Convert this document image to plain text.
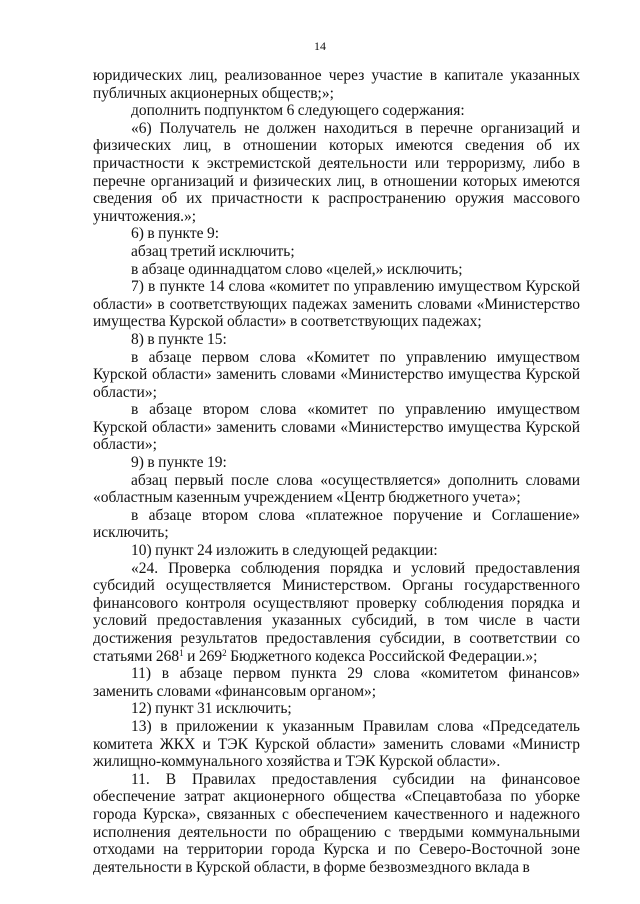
14

юридических лиц, реализованное через участие в капитале указанных публичных акционерных обществ;»;

дополнить подпунктом 6 следующего содержания:

«6) Получатель не должен находиться в перечне организаций и физических лиц, в отношении которых имеются сведения об их причастности к экстремистской деятельности или терроризму, либо в перечне организаций и физических лиц, в отношении которых имеются сведения об их причастности к распространению оружия массового уничтожения.»;

6) в пункте 9:

абзац третий исключить;

в абзаце одиннадцатом слово «целей,» исключить;

7) в пункте 14 слова «комитет по управлению имуществом Курской области» в соответствующих падежах заменить словами «Министерство имущества Курской области» в соответствующих падежах;

8) в пункте 15:

в абзаце первом слова «Комитет по управлению имуществом Курской области» заменить словами «Министерство имущества Курской области»;

в абзаце втором слова «комитет по управлению имуществом Курской области» заменить словами «Министерство имущества Курской области»;

9) в пункте 19:

абзац первый после слова «осуществляется» дополнить словами «областным казенным учреждением «Центр бюджетного учета»;

в абзаце втором слова «платежное поручение и Соглашение» исключить;

10) пункт 24 изложить в следующей редакции:

«24. Проверка соблюдения порядка и условий предоставления субсидий осуществляется Министерством. Органы государственного финансового контроля осуществляют проверку соблюдения порядка и условий предоставления указанных субсидий, в том числе в части достижения результатов предоставления субсидии, в соответствии со статьями $268^1$ и $269^2$ Бюджетного кодекса Российской Федерации.»;

11) в абзаце первом пункта 29 слова «комитетом финансов» заменить словами «финансовым органом»;

12) пункт 31 исключить;

13) в приложении к указанным Правилам слова «Председатель комитета ЖКХ и ТЭК Курской области» заменить словами «Министр жилищно-коммунального хозяйства и ТЭК Курской области».

11. В Правилах предоставления субсидии на финансовое обеспечение затрат акционерного общества «Спецавтобаза по уборке города Курска», связанных с обеспечением качественного и надежного исполнения деятельности по обращению с твердыми коммунальными отходами на территории города Курска и по Северо-Восточной зоне деятельности в Курской области, в форме безвозмездного вклада в
